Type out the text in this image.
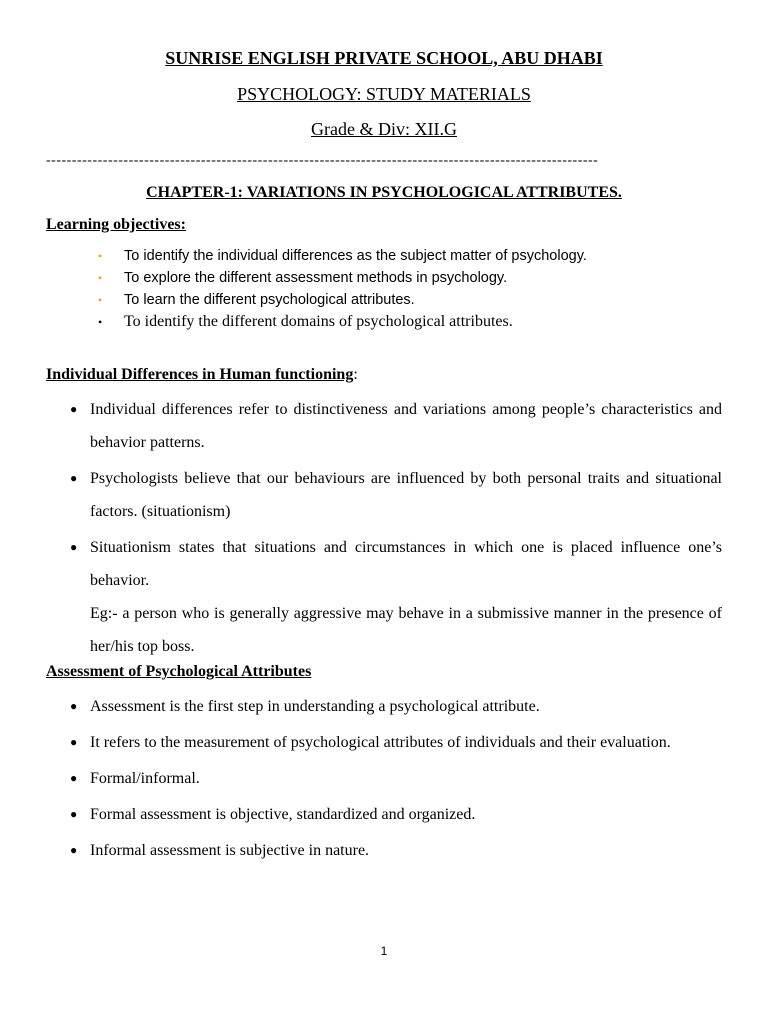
SUNRISE ENGLISH PRIVATE SCHOOL, ABU DHABI
PSYCHOLOGY: STUDY MATERIALS
Grade & Div: XII.G
-----------------------------------------------------------------------------------------------------------
CHAPTER-1: VARIATIONS IN PSYCHOLOGICAL ATTRIBUTES.
Learning objectives:
•	To identify the individual differences as the subject matter of psychology.
•	To explore the different assessment methods in psychology.
•	To learn the different psychological attributes.
•	To identify the different domains of psychological attributes.
Individual Differences in Human functioning:
● Individual differences refer to distinctiveness and variations among people’s characteristics and behavior patterns.
● Psychologists believe that our behaviours are influenced by both personal traits and situational factors. (situationism)
● Situationism states that situations and circumstances in which one is placed influence one’s behavior.
Eg:- a person who is generally aggressive may behave in a submissive manner in the presence of her/his top boss.
Assessment of Psychological Attributes
● Assessment is the first step in understanding a psychological attribute.
● It refers to the measurement of psychological attributes of individuals and their evaluation.
● Formal/informal.
● Formal assessment is objective, standardized and organized.
● Informal assessment is subjective in nature.
1
